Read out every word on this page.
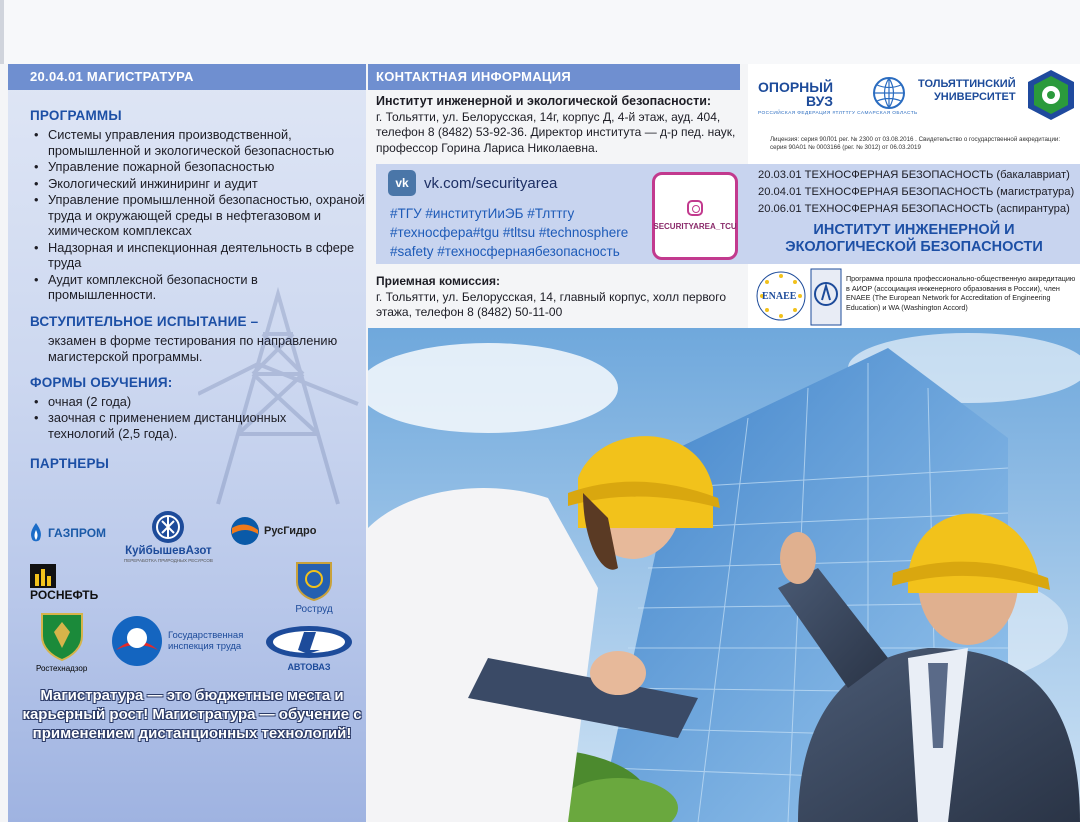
20.04.01 МАГИСТРАТУРА
ПРОГРАММЫ
• Системы управления производственной, промышленной и экологической безопасностью
• Управление пожарной безопасностью
• Экологический инжиниринг и аудит
• Управление промышленной безопасностью, охраной труда и окружающей среды в нефтегазовом и химическом комплексах
• Надзорная и инспекционная деятельность в сфере труда
• Аудит комплексной безопасности в промышленности.
ВСТУПИТЕЛЬНОЕ ИСПЫТАНИЕ –
экзамен в форме тестирования по направлению магистерской программы.
ФОРМЫ ОБУЧЕНИЯ:
• очная (2 года)
• заочная с применением дистанционных технологий (2,5 года).
ПАРТНЕРЫ
ГАЗПРОМ
КуйбышевАзот
ПЕРЕРАБОТКА ПРИРОДНЫХ РЕСУРСОВ
РусГидро
РОСНЕФТЬ
Роструд
Ростехнадзор
Государственная инспекция труда
АВТОВАЗ
Магистратура — это бюджетные места и карьерный рост! Магистратура — обучение с применением дистанционных технологий!
КОНТАКТНАЯ ИНФОРМАЦИЯ
Институт инженерной и экологической безопасности:
г. Тольятти, ул. Белорусская, 14г, корпус Д, 4-й этаж, ауд. 404, телефон 8 (8482) 53-92-36. Директор института — д-р пед. наук, профессор Горина Лариса Николаевна.
ОПОРНЫЙ
ВУЗ
ТОЛЬЯТТИНСКИЙ
УНИВЕРСИТЕТ
РОССИЙСКАЯ ФЕДЕРАЦИЯ #ТЛТТГУ САМАРСКАЯ ОБЛАСТЬ
Лицензия: серия 90Л01 рег. № 2300 от 03.08.2016 . Свидетельство о государственной аккредитации: серия 90А01 № 0003166 (рег. № 3012) от 06.03.2019
vk	vk.com/securityarea
#ТГУ #институтИиЭБ #Тлттгу #техносфера#tgu #tltsu #technosphere #safety #техносфернаябезопасность
SECURITYAREA_TCU
20.03.01 ТЕХНОСФЕРНАЯ БЕЗОПАСНОСТЬ (бакалавриат)
20.04.01 ТЕХНОСФЕРНАЯ БЕЗОПАСНОСТЬ (магистратура)
20.06.01 ТЕХНОСФЕРНАЯ БЕЗОПАСНОСТЬ (аспирантура)
ИНСТИТУТ ИНЖЕНЕРНОЙ И ЭКОЛОГИЧЕСКОЙ БЕЗОПАСНОСТИ
Приемная комиссия:
г. Тольятти, ул. Белорусская, 14, главный корпус, холл первого этажа, телефон 8 (8482) 50-11-00
ENAEE
Программа прошла профессионально-общественную аккредитацию в АИОР (ассоциация инженерного образования в России), член ENAEE (The European Network for Accreditation of Engineering Education) и WA (Washington Accord)
